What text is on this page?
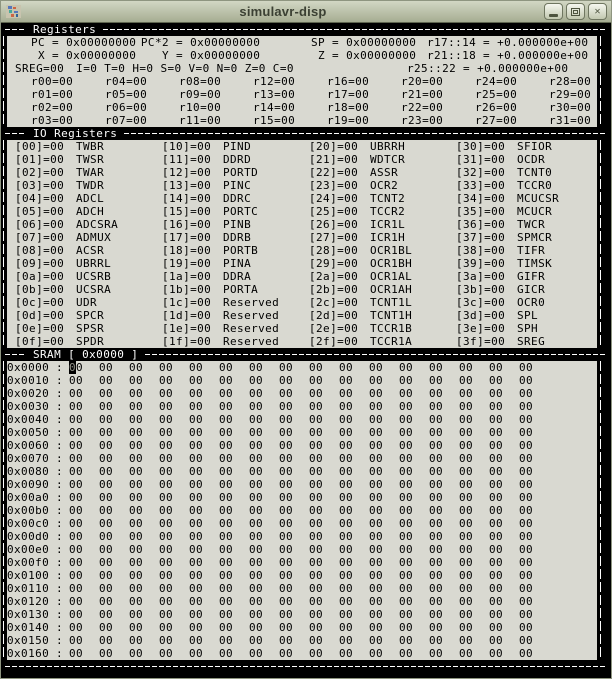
simulavr-disp	✕
Registers
PC = 0x00000000 PC*2 = 0x00000000	SP = 0x00000000 r17::14 = +0.000000e+00
X = 0x00000000	Y = 0x00000000	Z = 0x00000000 r21::18 = +0.000000e+00
SREG=00 I=0 T=0 H=0 S=0 V=0 N=0 Z=0 C=0	r25::22 = +0.000000e+00
r00=00	r04=00	r08=00	r12=00	r16=00	r20=00	r24=00	r28=00
r01=00	r05=00	r09=00	r13=00	r17=00	r21=00	r25=00	r29=00
r02=00	r06=00	r10=00	r14=00	r18=00	r22=00	r26=00	r30=00
r03=00	r07=00	r11=00	r15=00	r19=00	r23=00	r27=00	r31=00
IO Registers
[00]=00	TWBR	[10]=00	PIND	[20]=00	UBRRH	[30]=00	SFIOR
[01]=00	TWSR	[11]=00	DDRD	[21]=00	WDTCR	[31]=00	OCDR
[02]=00	TWAR	[12]=00	PORTD	[22]=00	ASSR	[32]=00	TCNT0
[03]=00	TWDR	[13]=00	PINC	[23]=00	OCR2	[33]=00	TCCR0
[04]=00	ADCL	[14]=00	DDRC	[24]=00	TCNT2	[34]=00	MCUCSR
[05]=00	ADCH	[15]=00	PORTC	[25]=00	TCCR2	[35]=00	MCUCR
[06]=00	ADCSRA	[16]=00	PINB	[26]=00	ICR1L	[36]=00	TWCR
[07]=00	ADMUX	[17]=00	DDRB	[27]=00	ICR1H	[37]=00	SPMCR
[08]=00	ACSR	[18]=00	PORTB	[28]=00	OCR1BL	[38]=00	TIFR
[09]=00	UBRRL	[19]=00	PINA	[29]=00	OCR1BH	[39]=00	TIMSK
[0a]=00	UCSRB	[1a]=00	DDRA	[2a]=00	OCR1AL	[3a]=00	GIFR
[0b]=00	UCSRA	[1b]=00	PORTA	[2b]=00	OCR1AH	[3b]=00	GICR
[0c]=00	UDR	[1c]=00	Reserved	[2c]=00	TCNT1L	[3c]=00	OCR0
[0d]=00	SPCR	[1d]=00	Reserved	[2d]=00	TCNT1H	[3d]=00	SPL
[0e]=00	SPSR	[1e]=00	Reserved	[2e]=00	TCCR1B	[3e]=00	SPH
[0f]=00	SPDR	[1f]=00	Reserved	[2f]=00	TCCR1A	[3f]=00	SREG
SRAM [ 0x0000 ]
0x0000 : 00	00	00	00	00	00	00	00	00	00	00	00	00	00	00	00
0x0010 : 00	00	00	00	00	00	00	00	00	00	00	00	00	00	00	00
0x0020 : 00	00	00	00	00	00	00	00	00	00	00	00	00	00	00	00
0x0030 : 00	00	00	00	00	00	00	00	00	00	00	00	00	00	00	00
0x0040 : 00	00	00	00	00	00	00	00	00	00	00	00	00	00	00	00
0x0050 : 00	00	00	00	00	00	00	00	00	00	00	00	00	00	00	00
0x0060 : 00	00	00	00	00	00	00	00	00	00	00	00	00	00	00	00
0x0070 : 00	00	00	00	00	00	00	00	00	00	00	00	00	00	00	00
0x0080 : 00	00	00	00	00	00	00	00	00	00	00	00	00	00	00	00
0x0090 : 00	00	00	00	00	00	00	00	00	00	00	00	00	00	00	00
0x00a0 : 00	00	00	00	00	00	00	00	00	00	00	00	00	00	00	00
0x00b0 : 00	00	00	00	00	00	00	00	00	00	00	00	00	00	00	00
0x00c0 : 00	00	00	00	00	00	00	00	00	00	00	00	00	00	00	00
0x00d0 : 00	00	00	00	00	00	00	00	00	00	00	00	00	00	00	00
0x00e0 : 00	00	00	00	00	00	00	00	00	00	00	00	00	00	00	00
0x00f0 : 00	00	00	00	00	00	00	00	00	00	00	00	00	00	00	00
0x0100 : 00	00	00	00	00	00	00	00	00	00	00	00	00	00	00	00
0x0110 : 00	00	00	00	00	00	00	00	00	00	00	00	00	00	00	00
0x0120 : 00	00	00	00	00	00	00	00	00	00	00	00	00	00	00	00
0x0130 : 00	00	00	00	00	00	00	00	00	00	00	00	00	00	00	00
0x0140 : 00	00	00	00	00	00	00	00	00	00	00	00	00	00	00	00
0x0150 : 00	00	00	00	00	00	00	00	00	00	00	00	00	00	00	00
0x0160 : 00	00	00	00	00	00	00	00	00	00	00	00	00	00	00	00
